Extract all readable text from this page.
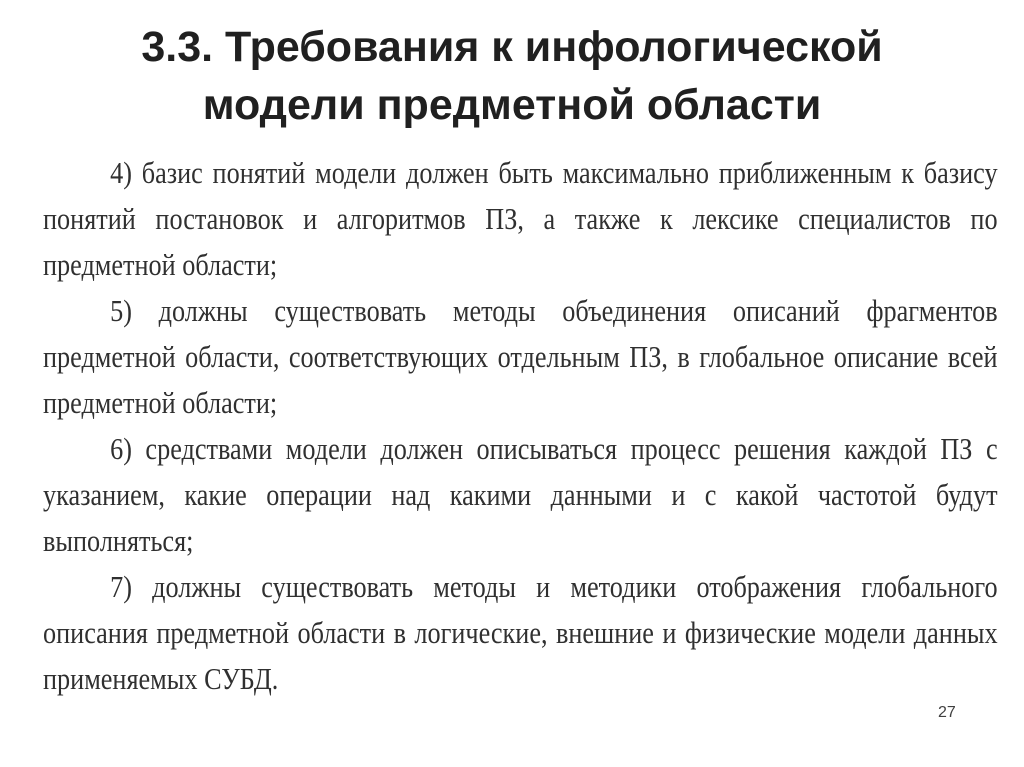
3.3. Требования к инфологической
модели предметной области

4) базис понятий модели должен быть максимально приближенным к базису понятий постановок и алгоритмов ПЗ, а также к лексике специалистов по предметной области;

5) должны существовать методы объединения описаний фрагментов предметной области, соответствующих отдельным ПЗ, в глобальное описание всей предметной области;

6) средствами модели должен описываться процесс решения каждой ПЗ с указанием, какие операции над какими данными и с какой частотой будут выполняться;

7) должны существовать методы и методики отображения глобального описания предметной области в логические, внешние и физические модели данных применяемых СУБД.

27
